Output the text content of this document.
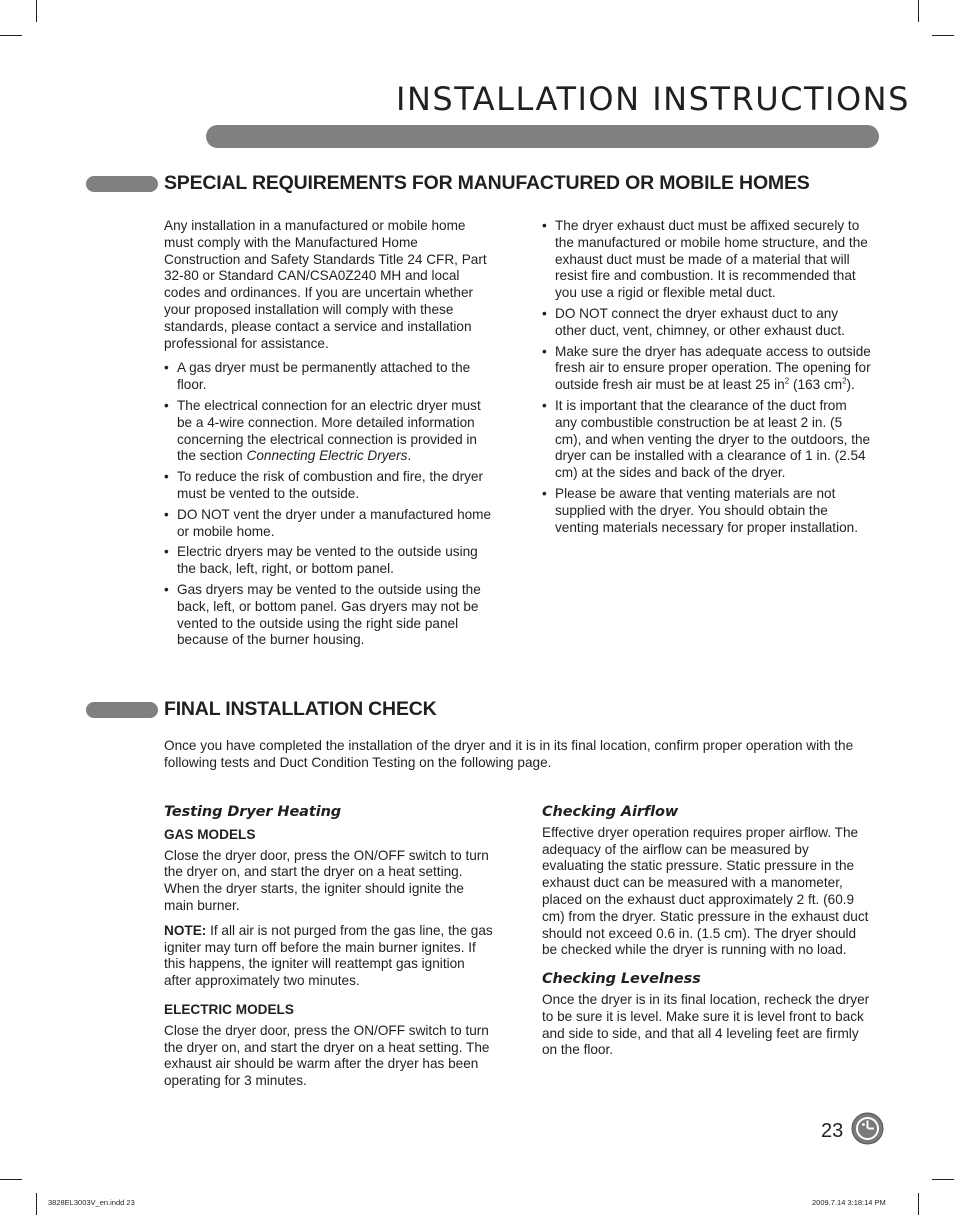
INSTALLATION INSTRUCTIONS
SPECIAL REQUIREMENTS FOR MANUFACTURED OR MOBILE HOMES

Any installation in a manufactured or mobile home must comply with the Manufactured Home Construction and Safety Standards Title 24 CFR, Part 32-80 or Standard CAN/CSA0Z240 MH and local codes and ordinances. If you are uncertain whether your proposed installation will comply with these standards, please contact a service and installation professional for assistance.

• A gas dryer must be permanently attached to the floor.
• The electrical connection for an electric dryer must be a 4-wire connection. More detailed information concerning the electrical connection is provided in the section Connecting Electric Dryers.
• To reduce the risk of combustion and fire, the dryer must be vented to the outside.
• DO NOT vent the dryer under a manufactured home or mobile home.
• Electric dryers may be vented to the outside using the back, left, right, or bottom panel.
• Gas dryers may be vented to the outside using the back, left, or bottom panel. Gas dryers may not be vented to the outside using the right side panel because of the burner housing.
• The dryer exhaust duct must be affixed securely to the manufactured or mobile home structure, and the exhaust duct must be made of a material that will resist fire and combustion. It is recommended that you use a rigid or flexible metal duct.
• DO NOT connect the dryer exhaust duct to any other duct, vent, chimney, or other exhaust duct.
• Make sure the dryer has adequate access to outside fresh air to ensure proper operation. The opening for outside fresh air must be at least 25 $in^2$ (163 $cm^2$).
• It is important that the clearance of the duct from any combustible construction be at least 2 in. (5 cm), and when venting the dryer to the outdoors, the dryer can be installed with a clearance of 1 in. (2.54 cm) at the sides and back of the dryer.
• Please be aware that venting materials are not supplied with the dryer. You should obtain the venting materials necessary for proper installation.
FINAL INSTALLATION CHECK

Once you have completed the installation of the dryer and it is in its final location, confirm proper operation with the following tests and Duct Condition Testing on the following page.

Testing Dryer Heating
GAS MODELS

Close the dryer door, press the ON/OFF switch to turn the dryer on, and start the dryer on a heat setting. When the dryer starts, the igniter should ignite the main burner.

NOTE: If all air is not purged from the gas line, the gas igniter may turn off before the main burner ignites. If this happens, the igniter will reattempt gas ignition after approximately two minutes.

ELECTRIC MODELS

Close the dryer door, press the ON/OFF switch to turn the dryer on, and start the dryer on a heat setting. The exhaust air should be warm after the dryer has been operating for 3 minutes.

Checking Airflow

Effective dryer operation requires proper airflow. The adequacy of the airflow can be measured by evaluating the static pressure. Static pressure in the exhaust duct can be measured with a manometer, placed on the exhaust duct approximately 2 ft. (60.9 cm) from the dryer. Static pressure in the exhaust duct should not exceed 0.6 in. (1.5 cm). The dryer should be checked while the dryer is running with no load.

Checking Levelness

Once the dryer is in its final location, recheck the dryer to be sure it is level. Make sure it is level front to back and side to side, and that all 4 leveling feet are firmly on the floor.

23
3828EL3003V_en.indd 23	2009.7.14 3:18:14 PM
